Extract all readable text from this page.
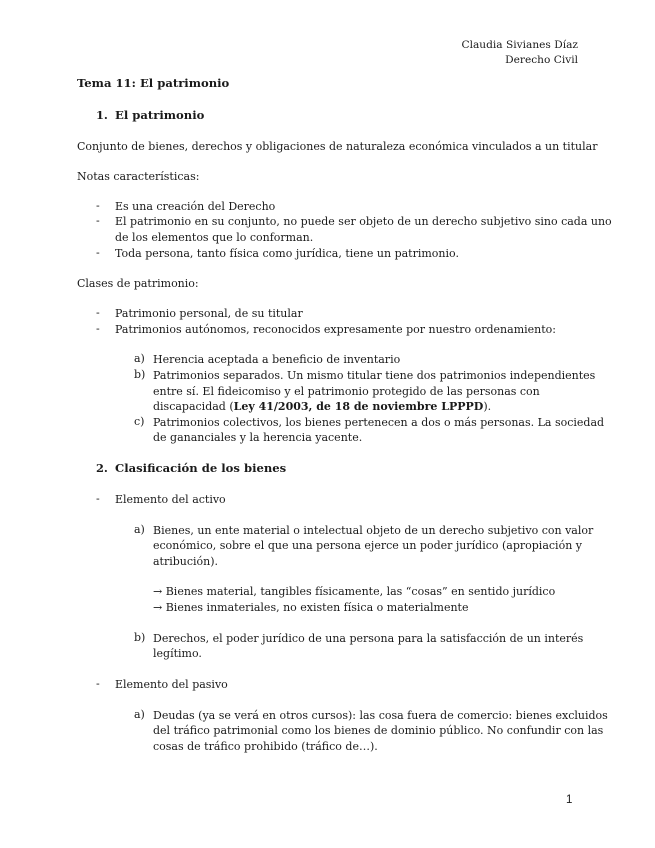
Claudia Sivianes Díaz
Derecho Civil
Tema 11: El patrimonio
1. El patrimonio
Conjunto de bienes, derechos y obligaciones de naturaleza económica vinculados a un titular
Notas características:
- Es una creación del Derecho
- El patrimonio en su conjunto, no puede ser objeto de un derecho subjetivo sino cada uno
de los elementos que lo conforman.
- Toda persona, tanto física como jurídica, tiene un patrimonio.
Clases de patrimonio:
- Patrimonio personal, de su titular
- Patrimonios autónomos, reconocidos expresamente por nuestro ordenamiento:
a) Herencia aceptada a beneficio de inventario
b) Patrimonios separados. Un mismo titular tiene dos patrimonios independientes
entre sí. El fideicomiso y el patrimonio protegido de las personas con
discapacidad (Ley 41/2003, de 18 de noviembre LPPPD).
c) Patrimonios colectivos, los bienes pertenecen a dos o más personas. La sociedad
de gananciales y la herencia yacente.
2. Clasificación de los bienes
- Elemento del activo
a) Bienes, un ente material o intelectual objeto de un derecho subjetivo con valor
económico, sobre el que una persona ejerce un poder jurídico (apropiación y
atribución).
→ Bienes material, tangibles físicamente, las “cosas” en sentido jurídico
→ Bienes inmateriales, no existen física o materialmente
b) Derechos, el poder jurídico de una persona para la satisfacción de un interés
legítimo.
- Elemento del pasivo
a) Deudas (ya se verá en otros cursos): las cosa fuera de comercio: bienes excluidos
del tráfico patrimonial como los bienes de dominio público. No confundir con las
cosas de tráfico prohibido (tráfico de…).
1
